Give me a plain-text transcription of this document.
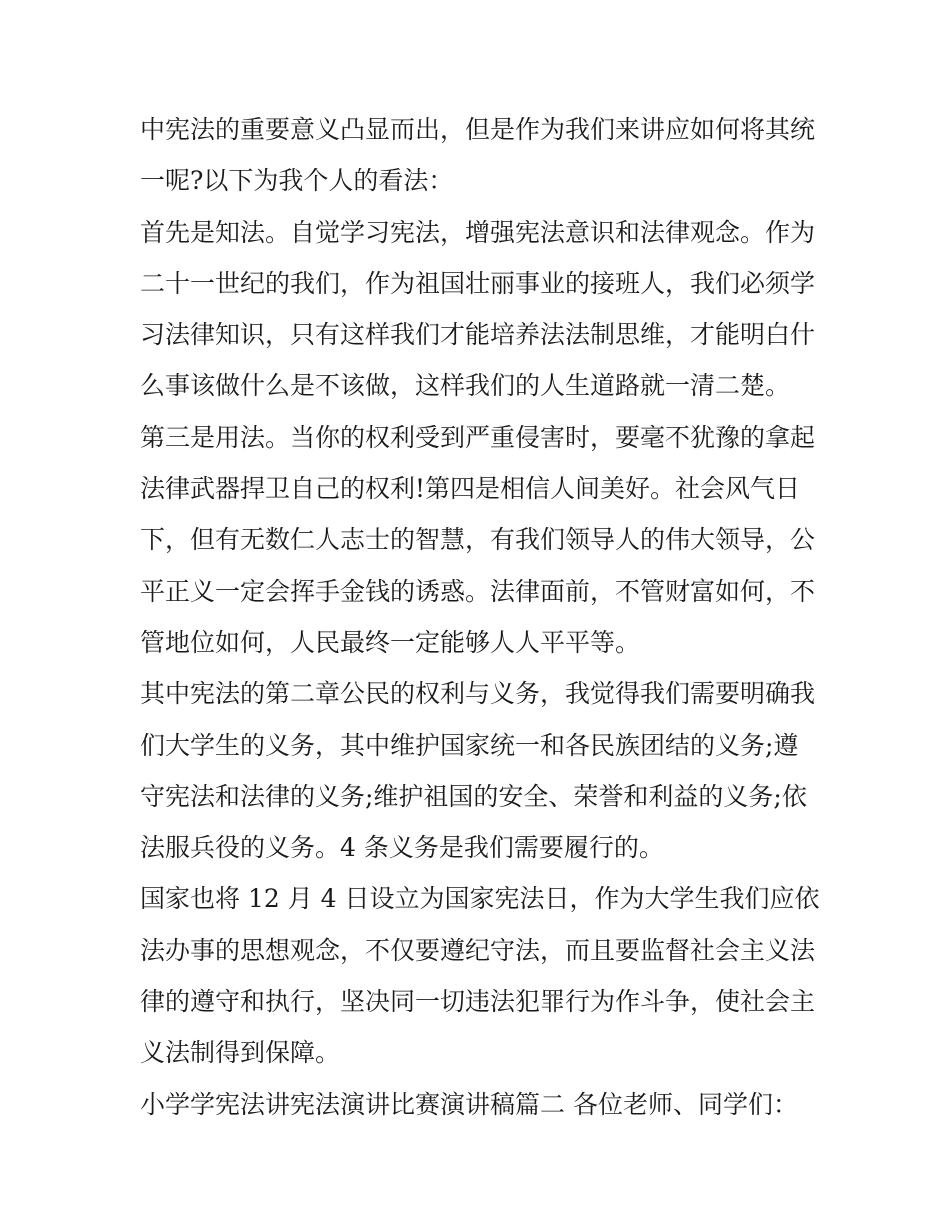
中宪法的重要意义凸显而出，但是作为我们来讲应如何将其统
一呢?以下为我个人的看法：
首先是知法。自觉学习宪法，增强宪法意识和法律观念。作为
二十一世纪的我们，作为祖国壮丽事业的接班人，我们必须学
习法律知识，只有这样我们才能培养法法制思维，才能明白什
么事该做什么是不该做，这样我们的人生道路就一清二楚。
第三是用法。当你的权利受到严重侵害时，要毫不犹豫的拿起
法律武器捍卫自己的权利!第四是相信人间美好。社会风气日
下，但有无数仁人志士的智慧，有我们领导人的伟大领导，公
平正义一定会挥手金钱的诱惑。法律面前，不管财富如何，不
管地位如何，人民最终一定能够人人平平等。
其中宪法的第二章公民的权利与义务，我觉得我们需要明确我
们大学生的义务，其中维护国家统一和各民族团结的义务;遵
守宪法和法律的义务;维护祖国的安全、荣誉和利益的义务;依
法服兵役的义务。4 条义务是我们需要履行的。
国家也将 12 月 4 日设立为国家宪法日，作为大学生我们应依
法办事的思想观念，不仅要遵纪守法，而且要监督社会主义法
律的遵守和执行，坚决同一切违法犯罪行为作斗争，使社会主
义法制得到保障。
小学学宪法讲宪法演讲比赛演讲稿篇二 各位老师、同学们：
